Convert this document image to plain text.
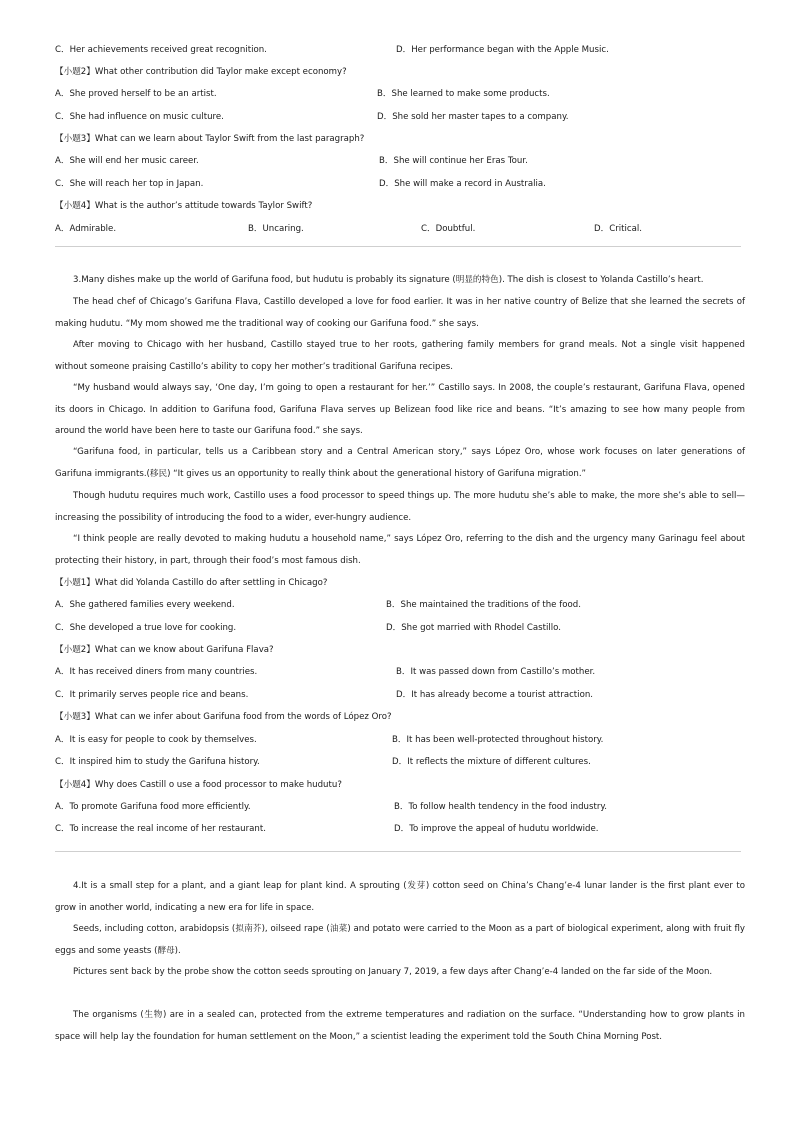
C．Her achievements received great recognition.	D．Her performance began with the Apple Music.
【小题2】What other contribution did Taylor make except economy?
A．She proved herself to be an artist.	B．She learned to make some products.
C．She had influence on music culture.	D．She sold her master tapes to a company.
【小题3】What can we learn about Taylor Swift from the last paragraph?
A．She will end her music career.	B．She will continue her Eras Tour.
C．She will reach her top in Japan.	D．She will make a record in Australia.
【小题4】What is the author’s attitude towards Taylor Swift?
A．Admirable.	B．Uncaring.	C．Doubtful.	D．Critical.
3.Many dishes make up the world of Garifuna food, but hudutu is probably its signature (明显的特色). The dish is closest to Yolanda Castillo’s heart.
The head chef of Chicago’s Garifuna Flava, Castillo developed a love for food earlier. It was in her native country of Belize that she learned the secrets of making hudutu. “My mom showed me the traditional way of cooking our Garifuna food.” she says.
After moving to Chicago with her husband, Castillo stayed true to her roots, gathering family members for grand meals. Not a single visit happened without someone praising Castillo’s ability to copy her mother’s traditional Garifuna recipes.
“My husband would always say, ‘One day, I’m going to open a restaurant for her.’” Castillo says. In 2008, the couple’s restaurant, Garifuna Flava, opened its doors in Chicago. In addition to Garifuna food, Garifuna Flava serves up Belizean food like rice and beans. “It’s amazing to see how many people from around the world have been here to taste our Garifuna food.” she says.
“Garifuna food, in particular, tells us a Caribbean story and a Central American story,” says López Oro, whose work focuses on later generations of Garifuna immigrants.(移民) “It gives us an opportunity to really think about the generational history of Garifuna migration.”
Though hudutu requires much work, Castillo uses a food processor to speed things up. The more hudutu she’s able to make, the more she’s able to sell—increasing the possibility of introducing the food to a wider, ever-hungry audience.
“I think people are really devoted to making hudutu a household name,” says López Oro, referring to the dish and the urgency many Garinagu feel about protecting their history, in part, through their food’s most famous dish.
【小题1】What did Yolanda Castillo do after settling in Chicago?
A．She gathered families every weekend.	B．She maintained the traditions of the food.
C．She developed a true love for cooking.	D．She got married with Rhodel Castillo.
【小题2】What can we know about Garifuna Flava?
A．It has received diners from many countries.	B．It was passed down from Castillo’s mother.
C．It primarily serves people rice and beans.	D．It has already become a tourist attraction.
【小题3】What can we infer about Garifuna food from the words of López Oro?
A．It is easy for people to cook by themselves.	B．It has been well-protected throughout history.
C．It inspired him to study the Garifuna history.	D．It reflects the mixture of different cultures.
【小题4】Why does Castill o use a food processor to make hudutu?
A．To promote Garifuna food more efficiently.	B．To follow health tendency in the food industry.
C．To increase the real income of her restaurant.	D．To improve the appeal of hudutu worldwide.
4.It is a small step for a plant, and a giant leap for plant kind. A sprouting (发芽) cotton seed on China’s Chang’e-4 lunar lander is the first plant ever to grow in another world, indicating a new era for life in space.
Seeds, including cotton, arabidopsis (拟南芥), oilseed rape (油菜) and potato were carried to the Moon as a part of biological experiment, along with fruit fly eggs and some yeasts (酵母).
Pictures sent back by the probe show the cotton seeds sprouting on January 7, 2019, a few days after Chang’e-4 landed on the far side of the Moon.
The organisms (生物) are in a sealed can, protected from the extreme temperatures and radiation on the surface. “Understanding how to grow plants in space will help lay the foundation for human settlement on the Moon,” a scientist leading the experiment told the South China Morning Post.
